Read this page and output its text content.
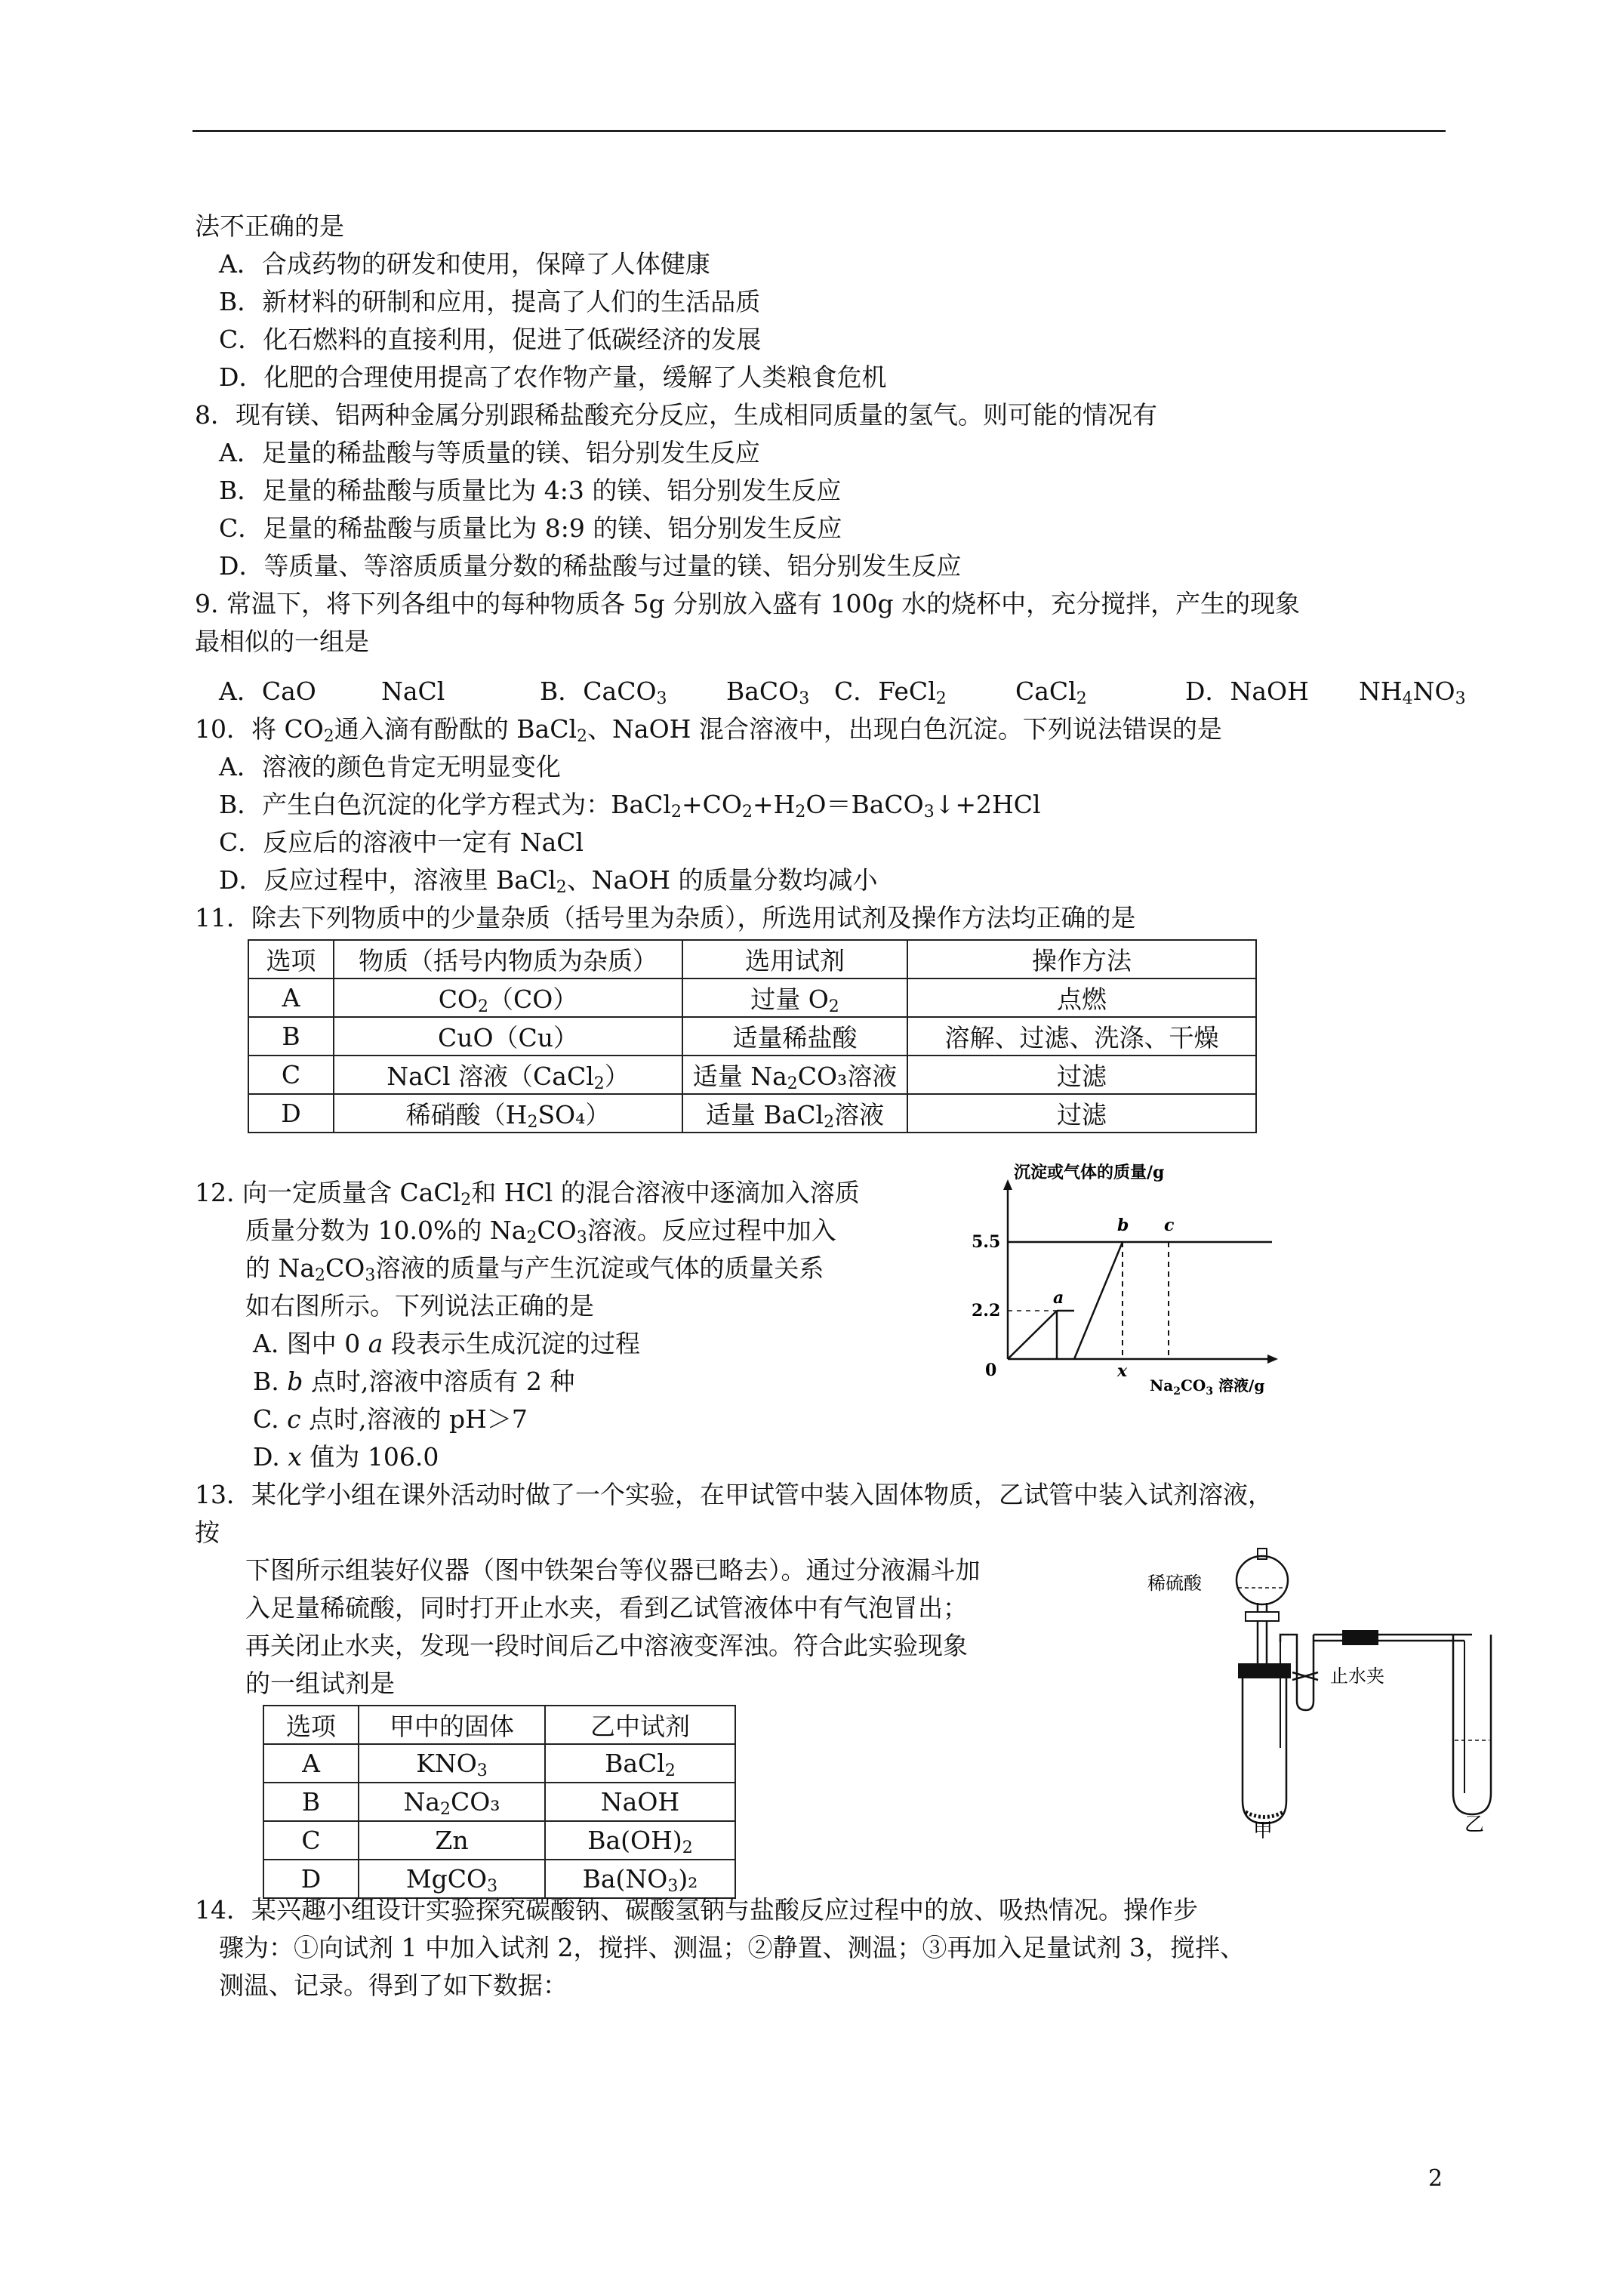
法不正确的是
A．合成药物的研发和使用，保障了人体健康
B．新材料的研制和应用，提高了人们的生活品质
C．化石燃料的直接利用，促进了低碳经济的发展
D．化肥的合理使用提高了农作物产量，缓解了人类粮食危机
8．现有镁、铝两种金属分别跟稀盐酸充分反应，生成相同质量的氢气。则可能的情况有
A．足量的稀盐酸与等质量的镁、铝分别发生反应
B．足量的稀盐酸与质量比为 4:3 的镁、铝分别发生反应
C．足量的稀盐酸与质量比为 8:9 的镁、铝分别发生反应
D．等质量、等溶质质量分数的稀盐酸与过量的镁、铝分别发生反应
9. 常温下，将下列各组中的每种物质各 5g 分别放入盛有 100g 水的烧杯中，充分搅拌，产生的现象
最相似的一组是
A．CaO	NaCl	B．CaCO$_3$ BaCO$_3$ C．FeCl$_2$	CaCl$_2$	D．NaOH $NH_4NO_3$
10．将 $CO_2$通入滴有酚酞的 BaCl$_2$、NaOH 混合溶液中，出现白色沉淀。下列说法错误的是
A．溶液的颜色肯定无明显变化
B．产生白色沉淀的化学方程式为：$BaCl_2+CO_2+H_2O=BaCO_3↓+2HCl$
C．反应后的溶液中一定有 NaCl
D．反应过程中，溶液里 BaCl$_2$、NaOH 的质量分数均减小
11．除去下列物质中的少量杂质（括号里为杂质），所选用试剂及操作方法均正确的是
选项	物质（括号内物质为杂质）	选用试剂	操作方法
A	$CO_2(CO)$	过量 $O_2$	点燃
B	CuO（Cu）	适量稀盐酸	溶解、过滤、洗涤、干燥
C	NaCl 溶液（CaCl$_2$）	适量 $Na_2CO_3$溶液	过滤
D	稀硝酸$(H_2SO_4)$	适量 BaCl$_2$溶液	过滤
12. 向一定质量含 CaCl$_2$和 HCl 的混合溶液中逐滴加入溶质
质量分数为 10.0%的 $Na_2CO_3$溶液。反应过程中加入
的 $Na_2CO_3$溶液的质量与产生沉淀或气体的质量关系
如右图所示。下列说法正确的是
A. 图中 0 a 段表示生成沉淀的过程
B. b 点时,溶液中溶质有 2 种
C. c 点时,溶液的 pH＞7
D. x 值为 106.0
沉淀或气体的质量/g
0
5.5
2.2
a
b c
x
$Na_2CO_3$ 溶液/g
13．某化学小组在课外活动时做了一个实验，在甲试管中装入固体物质，乙试管中装入试剂溶液，
按
下图所示组装好仪器（图中铁架台等仪器已略去）。通过分液漏斗加
入足量稀硫酸，同时打开止水夹，看到乙试管液体中有气泡冒出；
再关闭止水夹，发现一段时间后乙中溶液变浑浊。符合此实验现象
的一组试剂是
选项	甲中的固体	乙中试剂
A	$KNO_3$	BaCl$_2$
B	$Na_2CO_3$	NaOH
C	Zn	$Ba(OH)_2$
D	MgCO$_3$	$Ba(NO_3)_2$
稀硫酸
止水夹
甲	乙
14．某兴趣小组设计实验探究碳酸钠、碳酸氢钠与盐酸反应过程中的放、吸热情况。操作步
骤为：①向试剂 1 中加入试剂 2，搅拌、测温；②静置、测温；③再加入足量试剂 3，搅拌、
测温、记录。得到了如下数据：
2
